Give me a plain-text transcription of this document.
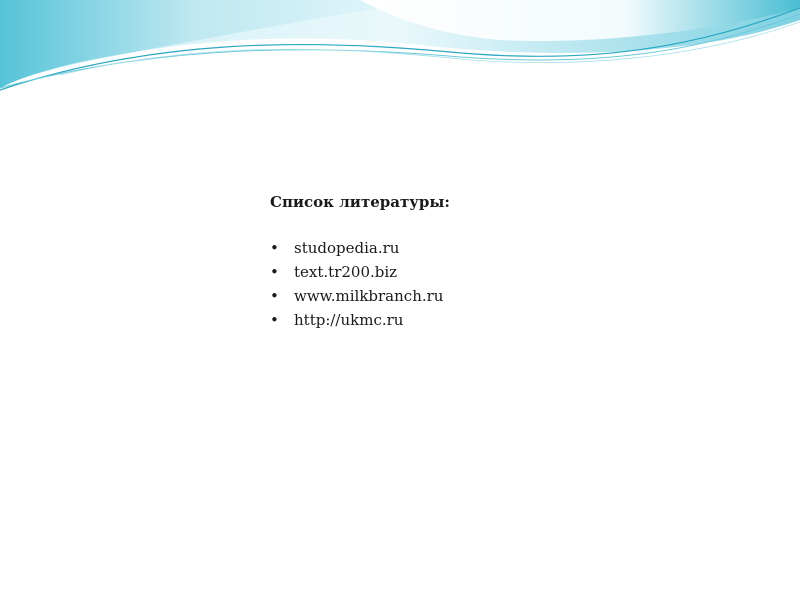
Список литературы:
•	studopedia.ru
•	text.tr200.biz
•	www.milkbranch.ru
•	http://ukmc.ru
